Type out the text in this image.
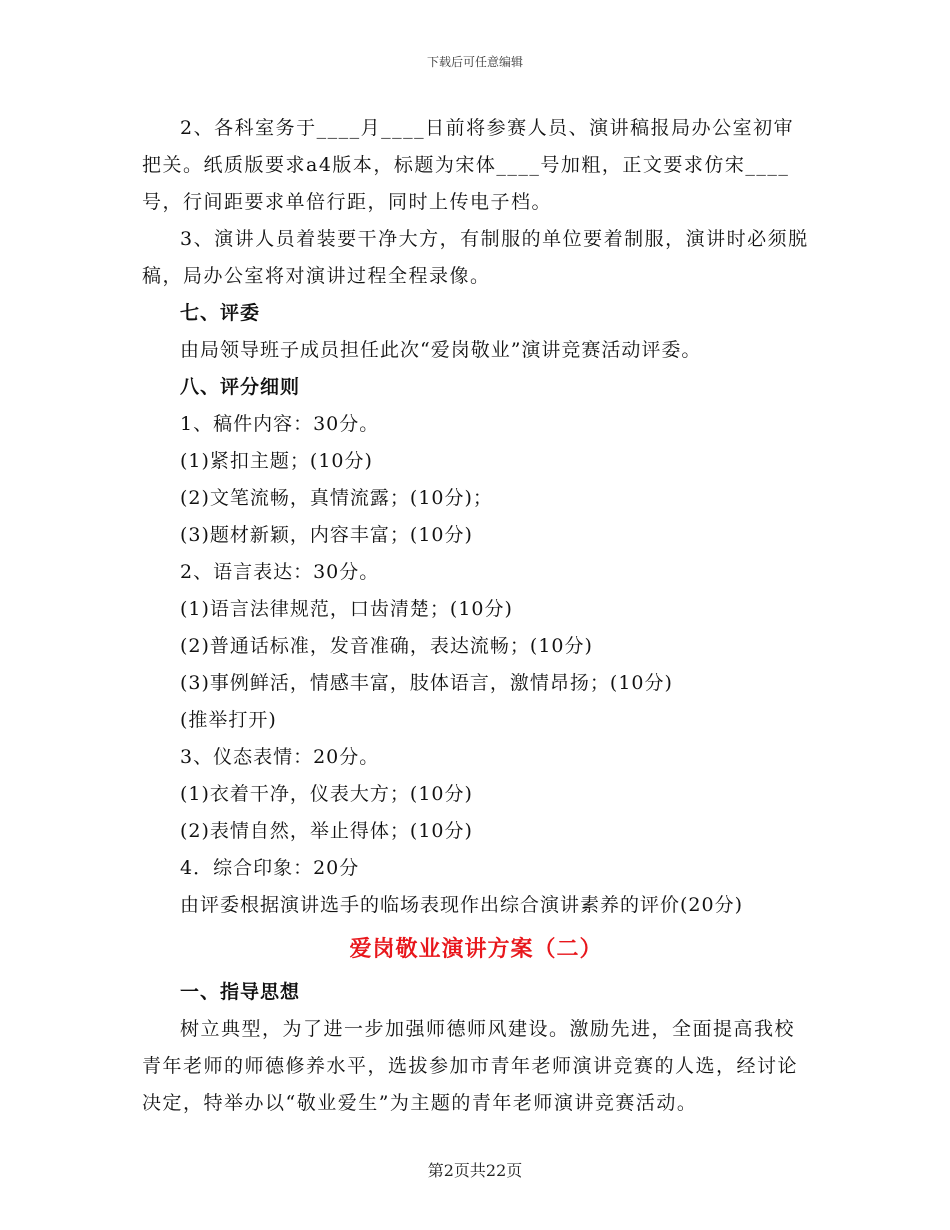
下载后可任意编辑

2、各科室务于____月____日前将参赛人员、演讲稿报局办公室初审把关。纸质版要求a4版本，标题为宋体____号加粗，正文要求仿宋____号，行间距要求单倍行距，同时上传电子档。

3、演讲人员着装要干净大方，有制服的单位要着制服，演讲时必须脱稿，局办公室将对演讲过程全程录像。

七、评委

由局领导班子成员担任此次“爱岗敬业”演讲竞赛活动评委。

八、评分细则

1、稿件内容：30分。

(1)紧扣主题；(10分)

(2)文笔流畅，真情流露；(10分)；

(3)题材新颖，内容丰富；(10分)

2、语言表达：30分。

(1)语言法律规范，口齿清楚；(10分)

(2)普通话标准，发音准确，表达流畅；(10分)

(3)事例鲜活，情感丰富，肢体语言，激情昂扬；(10分)

(推举打开)

3、仪态表情：20分。

(1)衣着干净，仪表大方；(10分)

(2)表情自然，举止得体；(10分)

4．综合印象：20分

由评委根据演讲选手的临场表现作出综合演讲素养的评价(20分)

爱岗敬业演讲方案（二）

一、指导思想

树立典型，为了进一步加强师德师风建设。激励先进，全面提高我校青年老师的师德修养水平，选拔参加市青年老师演讲竞赛的人选，经讨论决定，特举办以“敬业爱生”为主题的青年老师演讲竞赛活动。

第2页共22页
